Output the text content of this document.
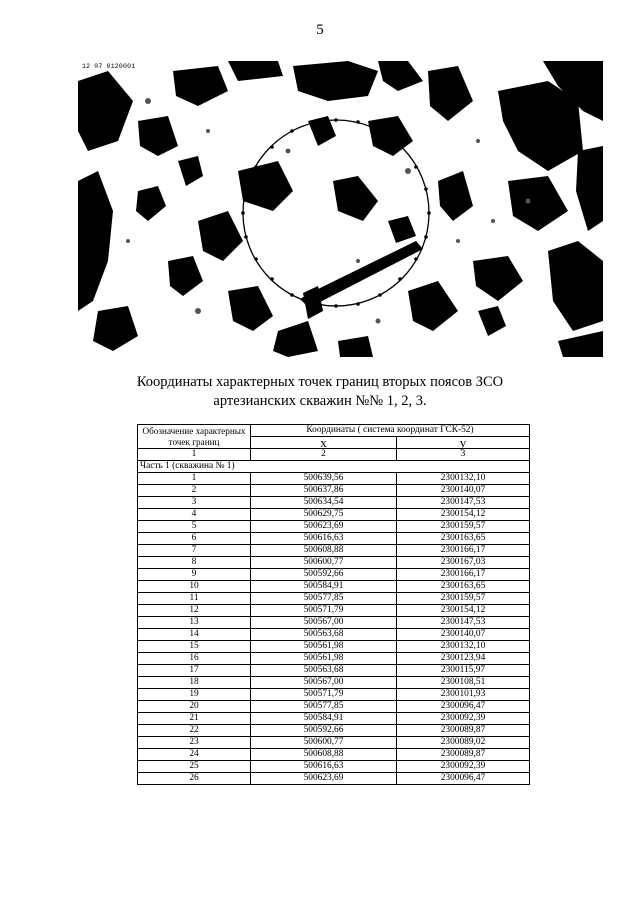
5
12 07 0120001
Координаты характерных точек границ вторых поясов ЗСО
артезианских скважин №№ 1, 2, 3.
Обозначение характерных точек границ	Координаты ( система координат ГСК-52)	
	x	y
1	2	3
Часть 1 (скважина № 1)		
1	500639,56	2300132,10
2	500637,86	2300140,07
3	500634,54	2300147,53
4	500629,75	2300154,12
5	500623,69	2300159,57
6	500616,63	2300163,65
7	500608,88	2300166,17
8	500600,77	2300167,03
9	500592,66	2300166,17
10	500584,91	2300163,65
11	500577,85	2300159,57
12	500571,79	2300154,12
13	500567,00	2300147,53
14	500563,68	2300140,07
15	500561,98	2300132,10
16	500561,98	2300123,94
17	500563,68	2300115,97
18	500567,00	2300108,51
19	500571,79	2300101,93
20	500577,85	2300096,47
21	500584,91	2300092,39
22	500592,66	2300089,87
23	500600,77	2300089,02
24	500608,88	2300089,87
25	500616,63	2300092,39
26	500623,69	2300096,47
